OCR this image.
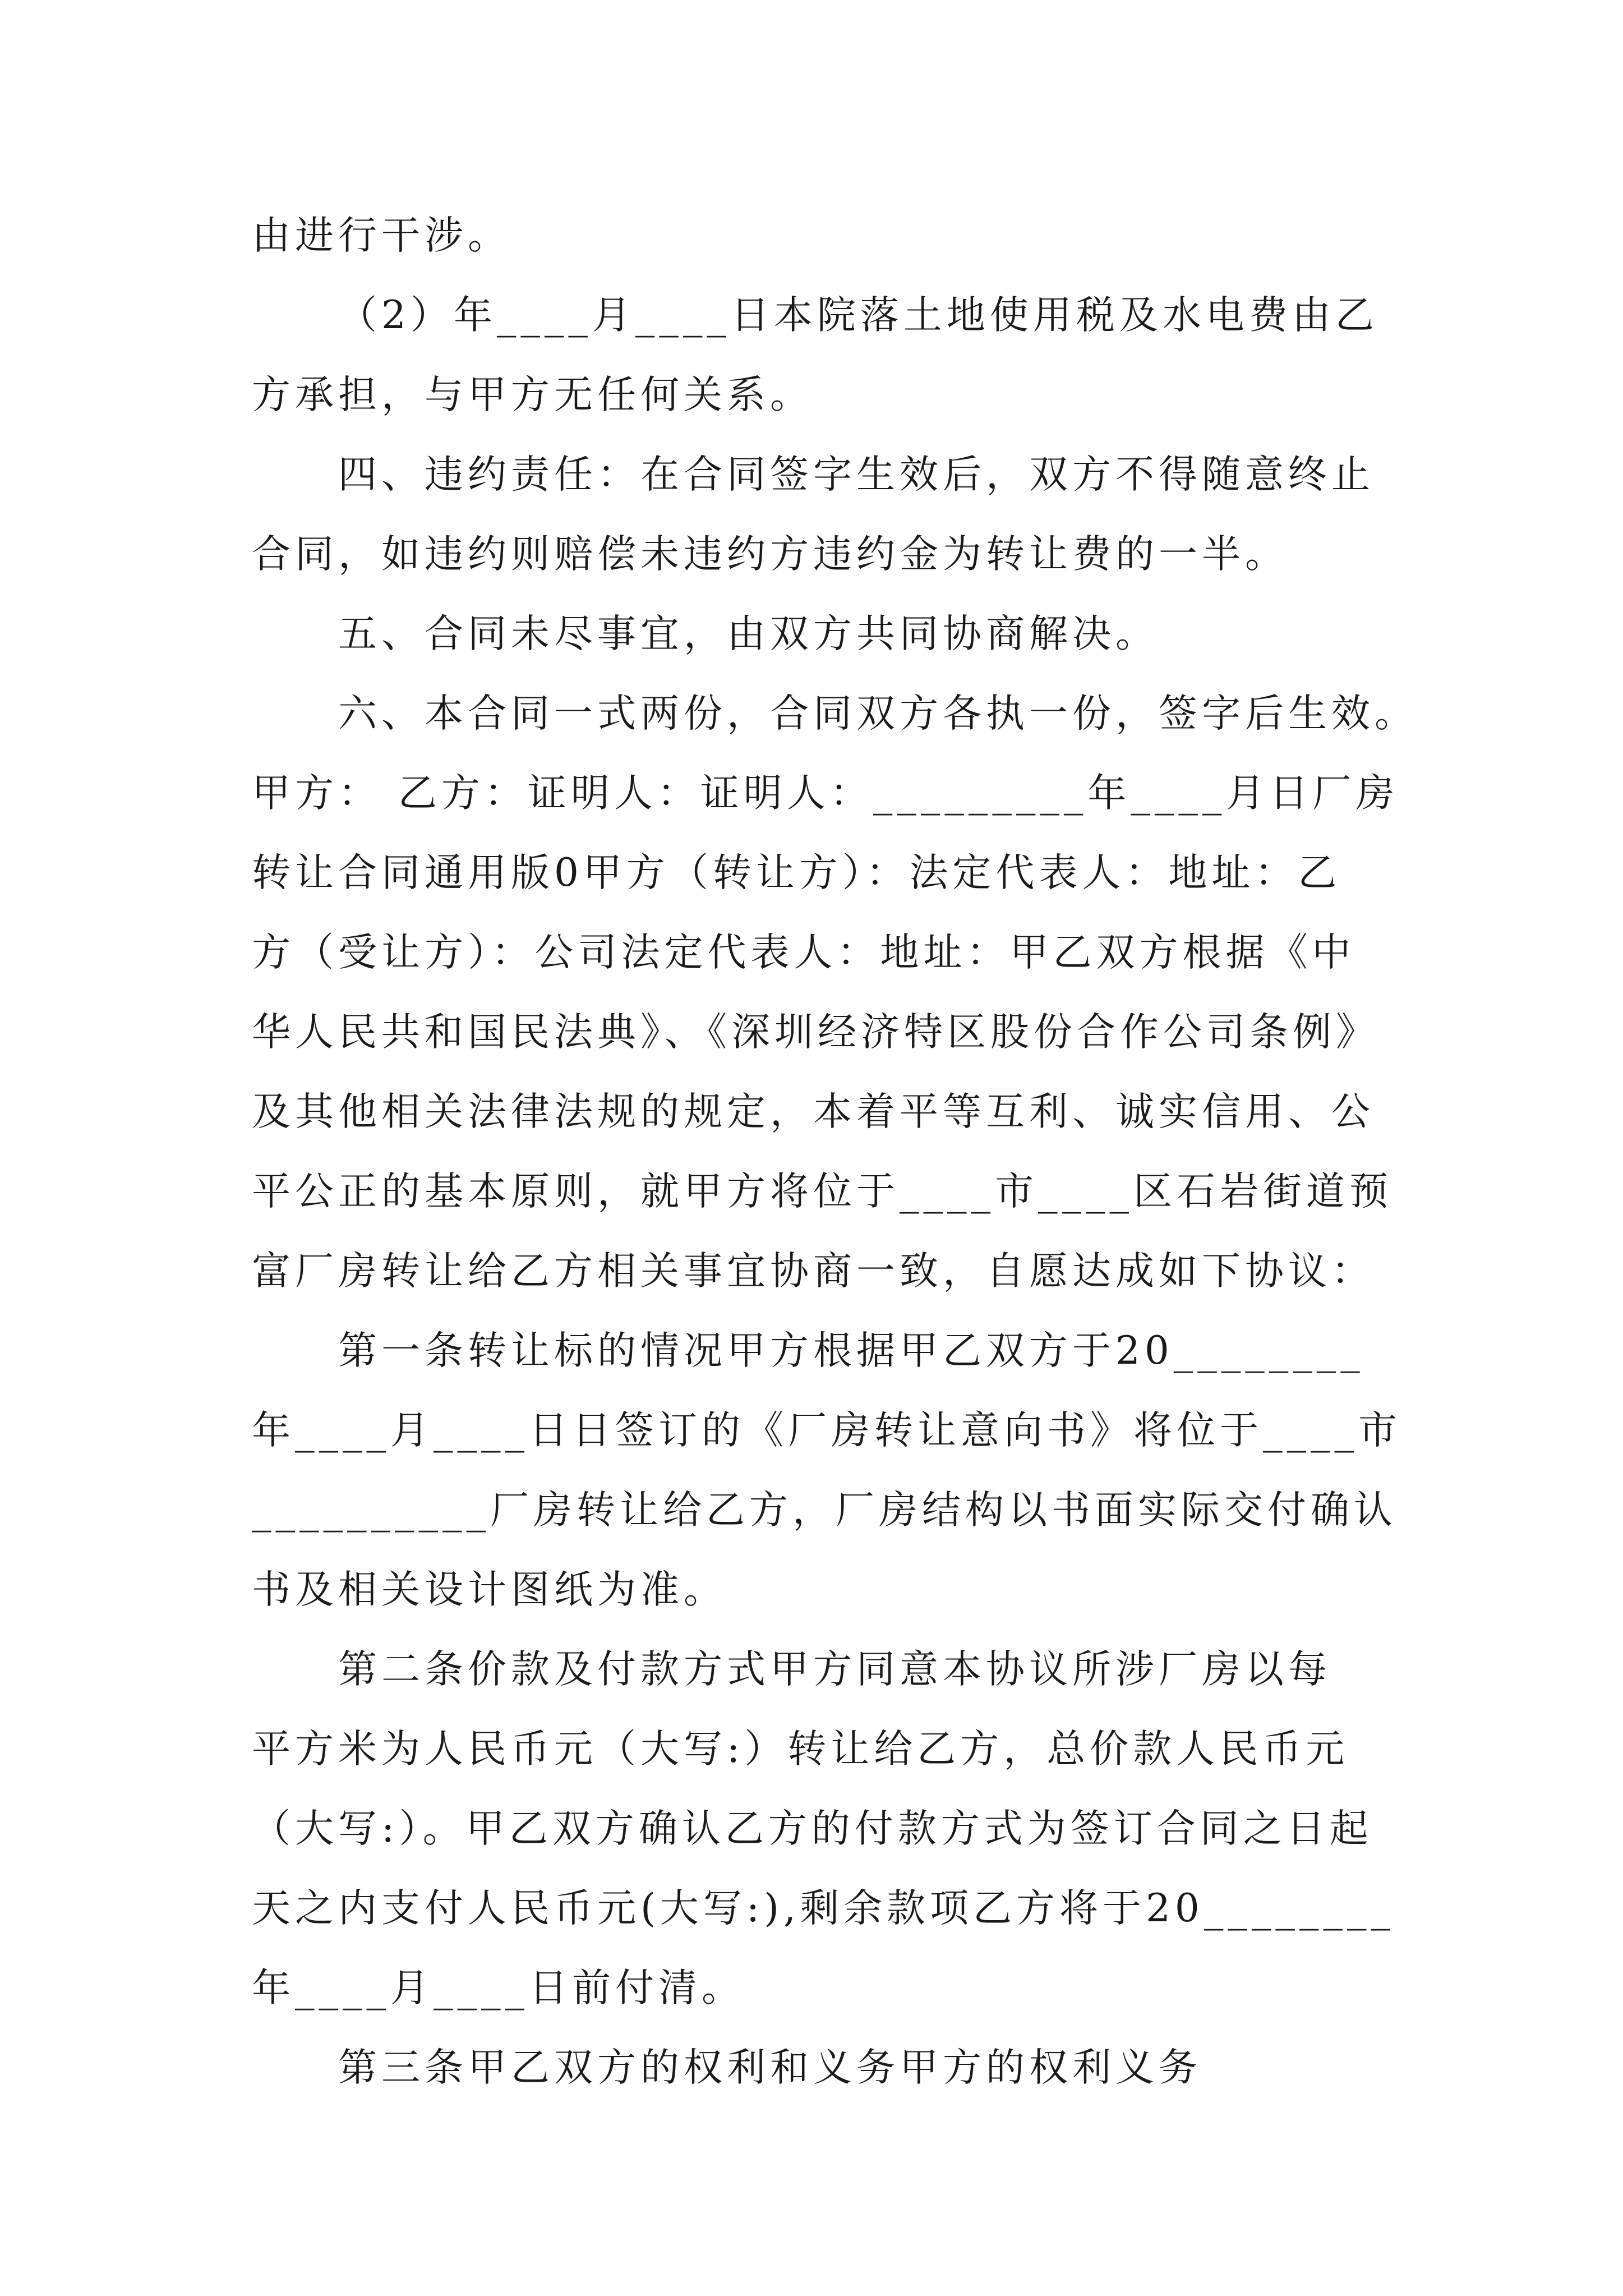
由进行干涉。
（2）年____月____日本院落土地使用税及水电费由乙
方承担，与甲方无任何关系。
四、违约责任：在合同签字生效后，双方不得随意终止
合同，如违约则赔偿未违约方违约金为转让费的一半。
五、合同未尽事宜，由双方共同协商解决。
六、本合同一式两份，合同双方各执一份，签字后生效。
甲方： 乙方：证明人：证明人：_________年____月日厂房
转让合同通用版0甲方（转让方）：法定代表人：地址：乙
方（受让方）：公司法定代表人：地址：甲乙双方根据《中
华人民共和国民法典》、《深圳经济特区股份合作公司条例》
及其他相关法律法规的规定，本着平等互利、诚实信用、公
平公正的基本原则，就甲方将位于____市____区石岩街道预
富厂房转让给乙方相关事宜协商一致，自愿达成如下协议：
第一条转让标的情况甲方根据甲乙双方于20________
年____月____日日签订的《厂房转让意向书》将位于____市
__________厂房转让给乙方，厂房结构以书面实际交付确认
书及相关设计图纸为准。
第二条价款及付款方式甲方同意本协议所涉厂房以每
平方米为人民币元（大写:）转让给乙方，总价款人民币元
（大写:）。甲乙双方确认乙方的付款方式为签订合同之日起
天之内支付人民币元(大写:),剩余款项乙方将于20________
年____月____日前付清。
第三条甲乙双方的权利和义务甲方的权利义务
